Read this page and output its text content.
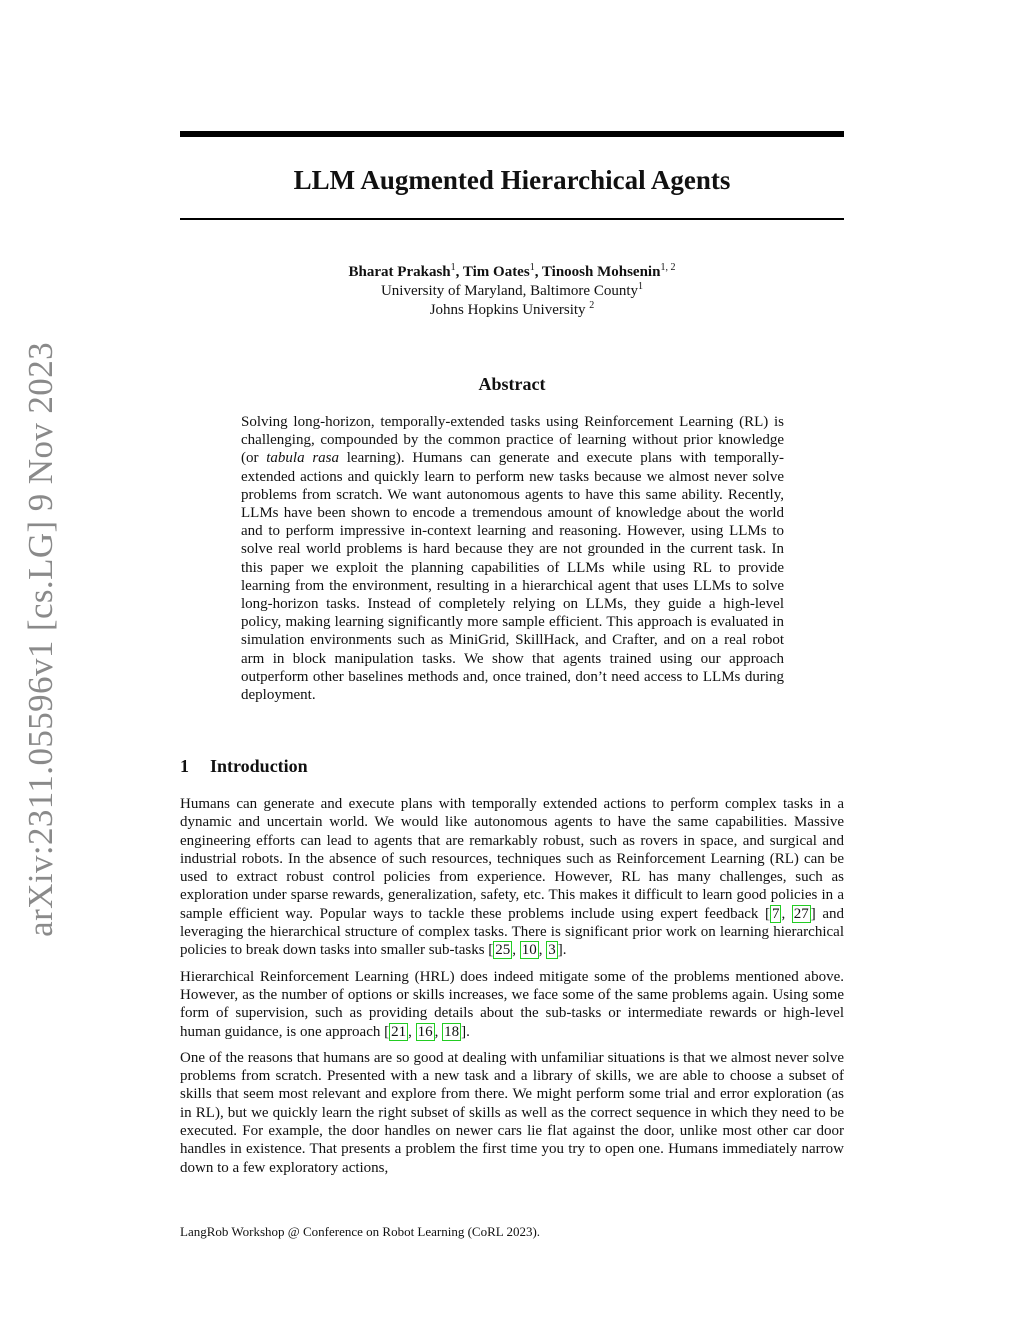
arXiv:2311.05596v1 [cs.LG] 9 Nov 2023
LLM Augmented Hierarchical Agents
Bharat Prakash$^1$, Tim Oates$^1$, Tinoosh Mohsenin$^{1, 2}$
University of Maryland, Baltimore County$^1$
Johns Hopkins University $^2$
Abstract

Solving long-horizon, temporally-extended tasks using Reinforcement Learning (RL) is challenging, compounded by the common practice of learning without prior knowledge (or tabula rasa learning). Humans can generate and execute plans with temporally-extended actions and quickly learn to perform new tasks because we almost never solve problems from scratch. We want autonomous agents to have this same ability. Recently, LLMs have been shown to encode a tremendous amount of knowledge about the world and to perform impressive in-context learning and reasoning. However, using LLMs to solve real world problems is hard because they are not grounded in the current task. In this paper we exploit the planning capabilities of LLMs while using RL to provide learning from the environment, resulting in a hierarchical agent that uses LLMs to solve long-horizon tasks. Instead of completely relying on LLMs, they guide a high-level policy, making learning significantly more sample efficient. This approach is evaluated in simulation environments such as MiniGrid, SkillHack, and Crafter, and on a real robot arm in block manipulation tasks. We show that agents trained using our approach outperform other baselines methods and, once trained, don’t need access to LLMs during deployment.

1 Introduction

Humans can generate and execute plans with temporally extended actions to perform complex tasks in a dynamic and uncertain world. We would like autonomous agents to have the same capabilities. Massive engineering efforts can lead to agents that are remarkably robust, such as rovers in space, and surgical and industrial robots. In the absence of such resources, techniques such as Reinforcement Learning (RL) can be used to extract robust control policies from experience. However, RL has many challenges, such as exploration under sparse rewards, generalization, safety, etc. This makes it difficult to learn good policies in a sample efficient way. Popular ways to tackle these problems include using expert feedback [ 7 , 27 ] and leveraging the hierarchical structure of complex tasks. There is significant prior work on learning hierarchical policies to break down tasks into smaller sub-tasks [ 25 , 10 , 3 ].

Hierarchical Reinforcement Learning (HRL) does indeed mitigate some of the problems mentioned above. However, as the number of options or skills increases, we face some of the same problems again. Using some form of supervision, such as providing details about the sub-tasks or intermediate rewards or high-level human guidance, is one approach [ 21 , 16 , 18 ].

One of the reasons that humans are so good at dealing with unfamiliar situations is that we almost never solve problems from scratch. Presented with a new task and a library of skills, we are able to choose a subset of skills that seem most relevant and explore from there. We might perform some trial and error exploration (as in RL), but we quickly learn the right subset of skills as well as the correct sequence in which they need to be executed. For example, the door handles on newer cars lie flat against the door, unlike most other car door handles in existence. That presents a problem the first time you try to open one. Humans immediately narrow down to a few exploratory actions,

LangRob Workshop @ Conference on Robot Learning (CoRL 2023).
